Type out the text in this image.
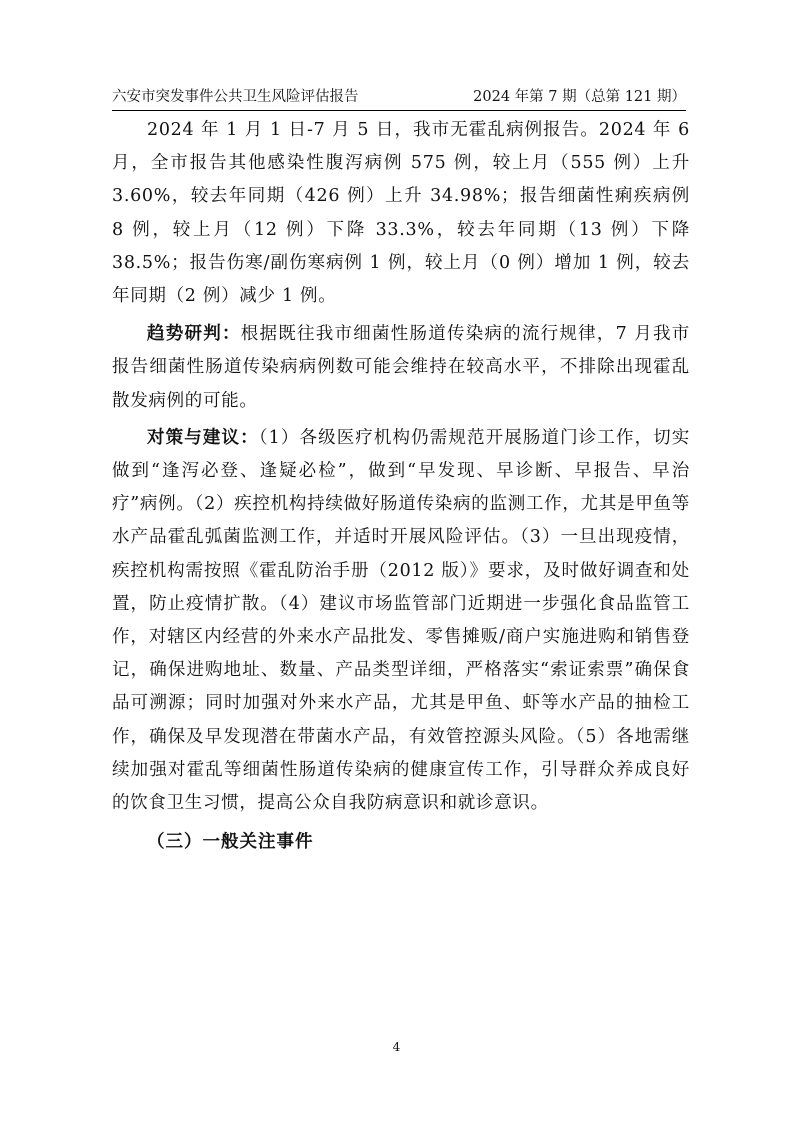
六安市突发事件公共卫生风险评估报告	2024 年第 7 期（总第 121 期）

2024 年 1 月 1 日-7 月 5 日，我市无霍乱病例报告。2024 年 6 月，全市报告其他感染性腹泻病例 575 例，较上月（555 例）上升 3.60%，较去年同期（426 例）上升 34.98%；报告细菌性痢疾病例 8 例，较上月（12 例）下降 33.3%，较去年同期（13 例）下降 38.5%；报告伤寒/副伤寒病例 1 例，较上月（0 例）增加 1 例，较去年同期（2 例）减少 1 例。

趋势研判：根据既往我市细菌性肠道传染病的流行规律，7 月我市报告细菌性肠道传染病病例数可能会维持在较高水平，不排除出现霍乱散发病例的可能。

对策与建议：（1）各级医疗机构仍需规范开展肠道门诊工作，切实做到“逢泻必登、逢疑必检”，做到“早发现、早诊断、早报告、早治疗”病例。（2）疾控机构持续做好肠道传染病的监测工作，尤其是甲鱼等水产品霍乱弧菌监测工作，并适时开展风险评估。（3）一旦出现疫情，疾控机构需按照《霍乱防治手册（2012 版）》要求，及时做好调查和处置，防止疫情扩散。（4）建议市场监管部门近期进一步强化食品监管工作，对辖区内经营的外来水产品批发、零售摊贩/商户实施进购和销售登记，确保进购地址、数量、产品类型详细，严格落实“索证索票”确保食品可溯源；同时加强对外来水产品，尤其是甲鱼、虾等水产品的抽检工作，确保及早发现潜在带菌水产品，有效管控源头风险。（5）各地需继续加强对霍乱等细菌性肠道传染病的健康宣传工作，引导群众养成良好的饮食卫生习惯，提高公众自我防病意识和就诊意识。

（三）一般关注事件

4
